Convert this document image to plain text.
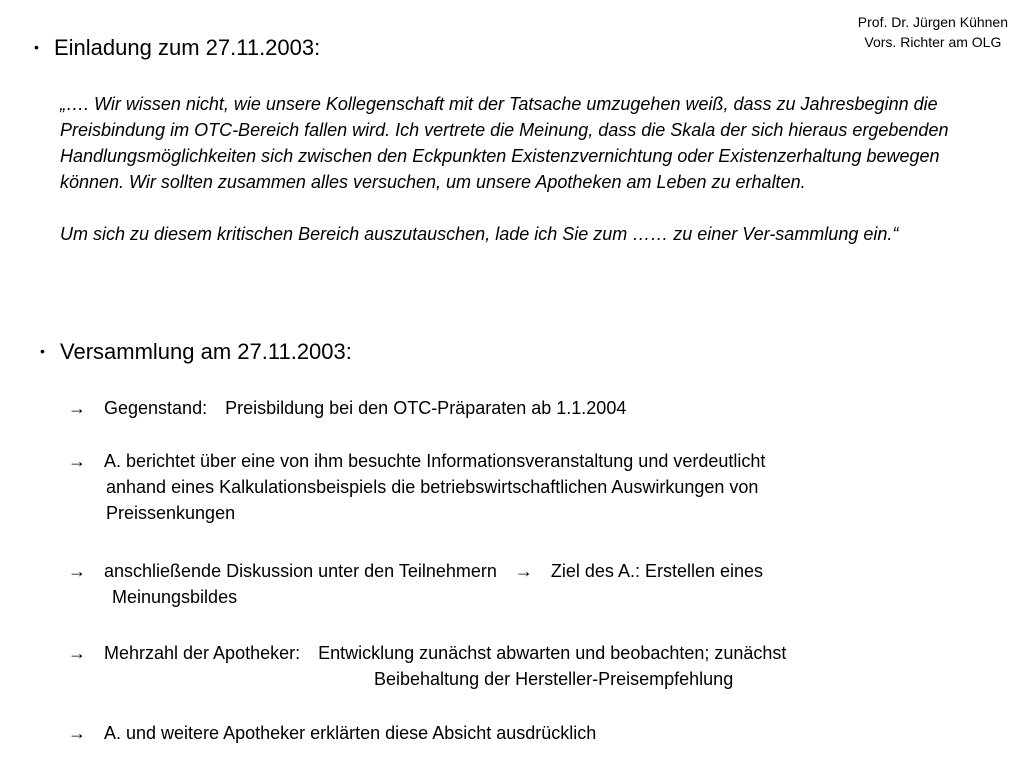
Prof. Dr. Jürgen Kühnen
Vors. Richter am OLG
• Einladung zum 27.11.2003:

„…. Wir wissen nicht, wie unsere Kollegenschaft mit der Tatsache umzugehen weiß, dass zu Jahresbeginn die Preisbindung im OTC-Bereich fallen wird. Ich vertrete die Meinung, dass die Skala der sich hieraus ergebenden Handlungsmöglichkeiten sich zwischen den Eckpunkten Existenzvernichtung oder Existenzerhaltung bewegen können. Wir sollten zusammen alles versuchen, um unsere Apotheken am Leben zu erhalten.

Um sich zu diesem kritischen Bereich auszutauschen, lade ich Sie zum …… zu einer Ver-sammlung ein.“

• Versammlung am 27.11.2003:
→ Gegenstand: Preisbildung bei den OTC-Präparaten ab 1.1.2004
→ A. berichtet über eine von ihm besuchte Informationsveranstaltung und verdeutlicht
anhand eines Kalkulationsbeispiels die betriebswirtschaftlichen Auswirkungen von
Preissenkungen
→ anschließende Diskussion unter den Teilnehmern → Ziel des A.: Erstellen eines
Meinungsbildes
→ Mehrzahl der Apotheker: Entwicklung zunächst abwarten und beobachten; zunächst
Beibehaltung der Hersteller-Preisempfehlung
→ A. und weitere Apotheker erklärten diese Absicht ausdrücklich
